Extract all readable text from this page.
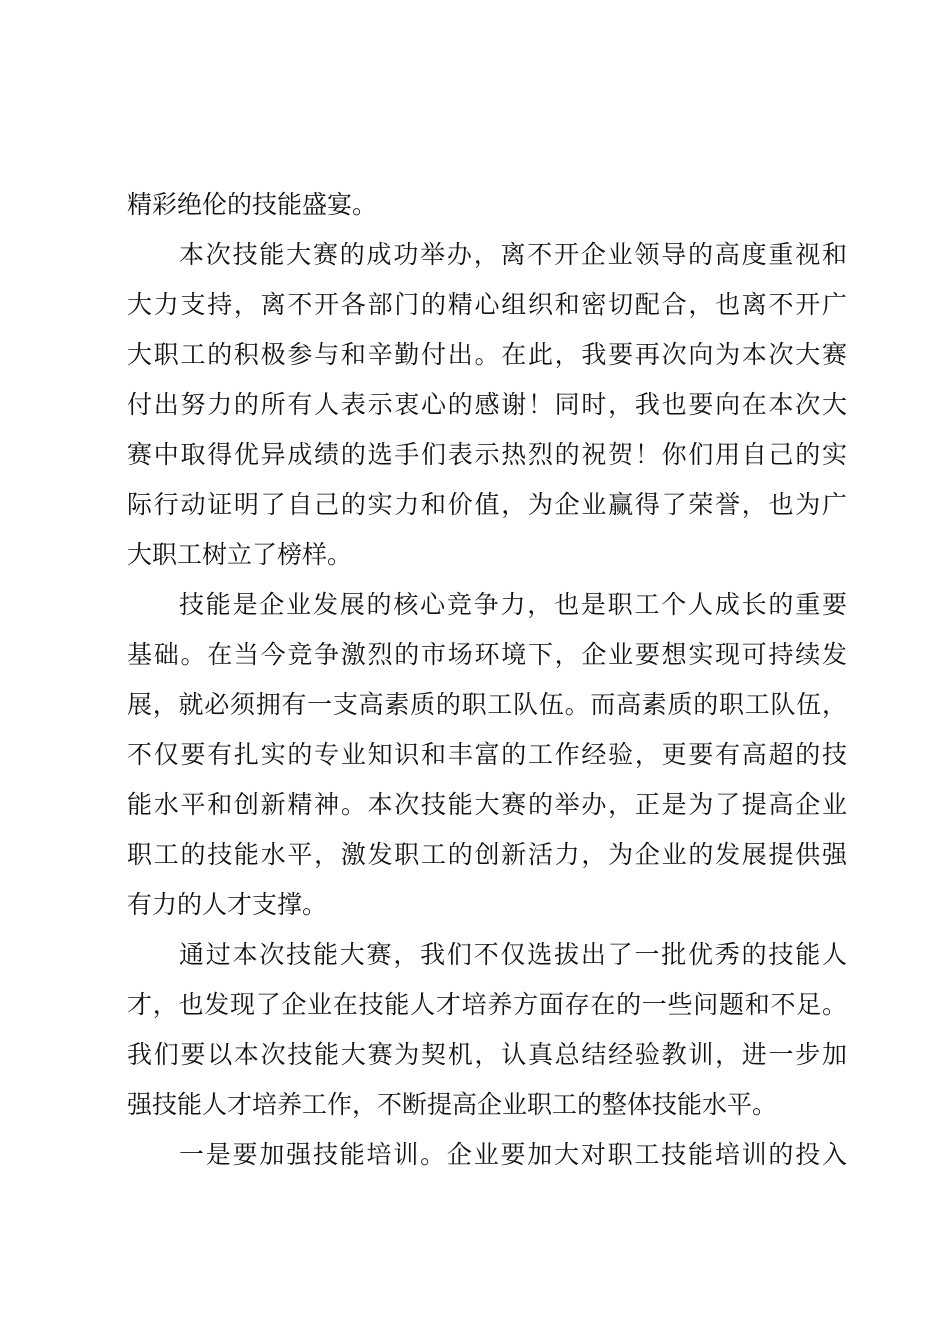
精彩绝伦的技能盛宴。
本次技能大赛的成功举办，离不开企业领导的高度重视和
大力支持，离不开各部门的精心组织和密切配合，也离不开广
大职工的积极参与和辛勤付出。在此，我要再次向为本次大赛
付出努力的所有人表示衷心的感谢！同时，我也要向在本次大
赛中取得优异成绩的选手们表示热烈的祝贺！你们用自己的实
际行动证明了自己的实力和价值，为企业赢得了荣誉，也为广
大职工树立了榜样。
技能是企业发展的核心竞争力，也是职工个人成长的重要
基础。在当今竞争激烈的市场环境下，企业要想实现可持续发
展，就必须拥有一支高素质的职工队伍。而高素质的职工队伍，
不仅要有扎实的专业知识和丰富的工作经验，更要有高超的技
能水平和创新精神。本次技能大赛的举办，正是为了提高企业
职工的技能水平，激发职工的创新活力，为企业的发展提供强
有力的人才支撑。
通过本次技能大赛，我们不仅选拔出了一批优秀的技能人
才，也发现了企业在技能人才培养方面存在的一些问题和不足。
我们要以本次技能大赛为契机，认真总结经验教训，进一步加
强技能人才培养工作，不断提高企业职工的整体技能水平。
一是要加强技能培训。企业要加大对职工技能培训的投入
